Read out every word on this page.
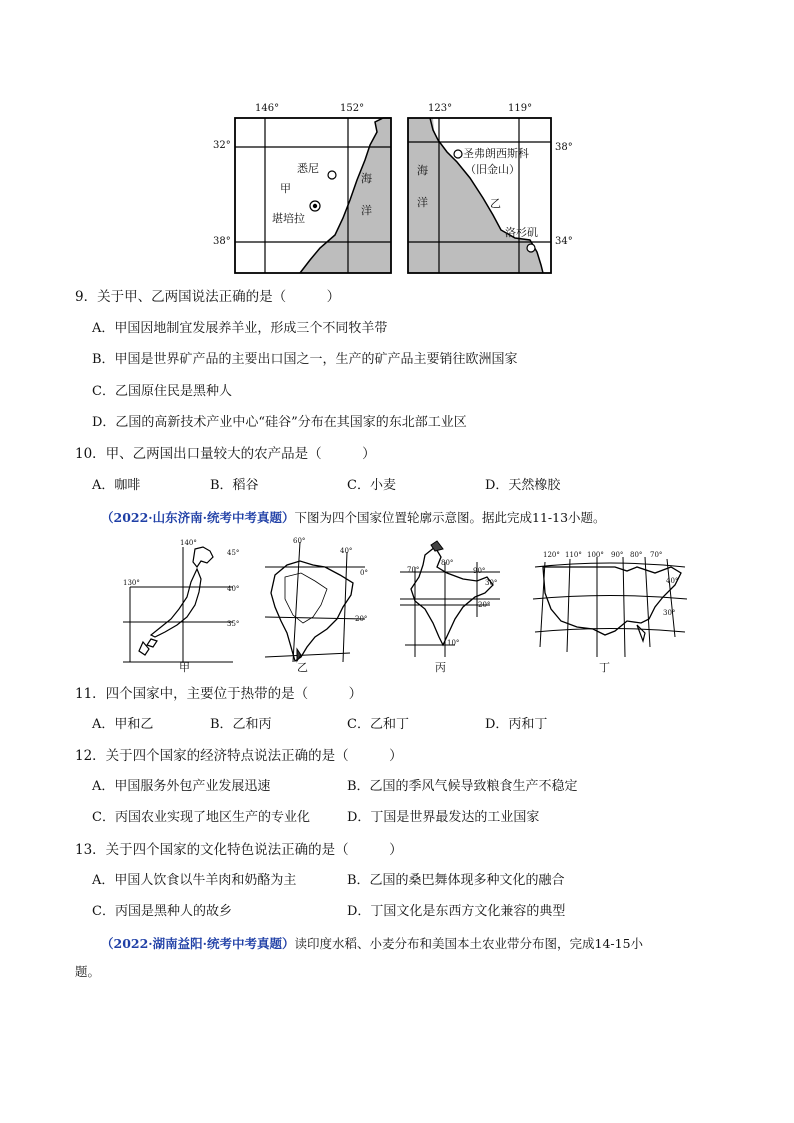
146°	152°	123°	119°
32°
38°
38°
34°
悉尼
甲
堪培拉
海
洋
圣弗朗西斯科
（旧金山）
乙
洛杉矶
海
洋
9．关于甲、乙两国说法正确的是（　　　）
A．甲国因地制宜发展养羊业，形成三个不同牧羊带
B．甲国是世界矿产品的主要出口国之一，生产的矿产品主要销往欧洲国家
C．乙国原住民是黑种人
D．乙国的高新技术产业中心“硅谷”分布在其国家的东北部工业区
10．甲、乙两国出口量较大的农产品是（　　　）
A．咖啡	B．稻谷	C．小麦	D．天然橡胶
（2022·山东济南·统考中考真题）下图为四个国家位置轮廓示意图。据此完成11-13小题。
140°
45°
130°
40°
35°
60°
40°
0°
20°
70°
80°
90°
30°
20°
10°
120° 110° 100° 90° 80° 70°
40°
30°
甲	乙	丙	丁
11．四个国家中，主要位于热带的是（　　　）
A．甲和乙	B．乙和丙	C．乙和丁	D．丙和丁
12．关于四个国家的经济特点说法正确的是（　　　）
A．甲国服务外包产业发展迅速	B．乙国的季风气候导致粮食生产不稳定
C．丙国农业实现了地区生产的专业化	D．丁国是世界最发达的工业国家
13．关于四个国家的文化特色说法正确的是（　　　）
A．甲国人饮食以牛羊肉和奶酪为主	B．乙国的桑巴舞体现多种文化的融合
C．丙国是黑种人的故乡	D．丁国文化是东西方文化兼容的典型
（2022·湖南益阳·统考中考真题）读印度水稻、小麦分布和美国本土农业带分布图，完成14-15小
题。
